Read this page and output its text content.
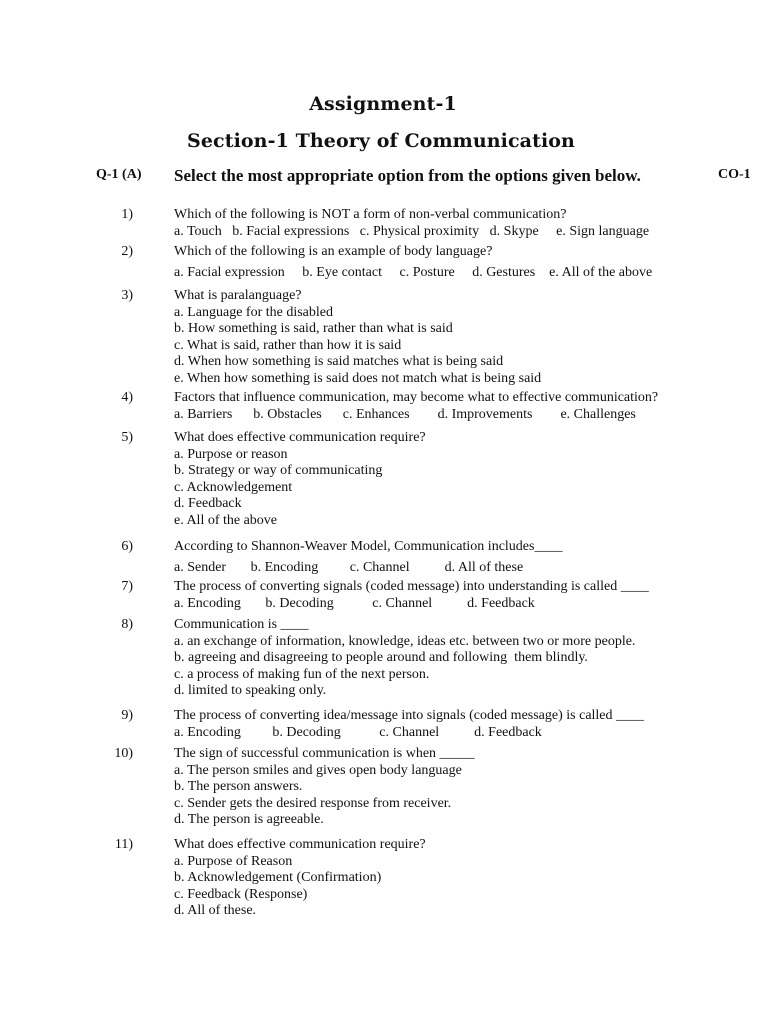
Assignment-1
Section-1 Theory of Communication
Q-1 (A) Select the most appropriate option from the options given below.	CO-1
1)	Which of the following is NOT a form of non-verbal communication?
a. Touch   b. Facial expressions   c. Physical proximity   d. Skype     e. Sign language
2)	Which of the following is an example of body language?
a. Facial expression     b. Eye contact     c. Posture     d. Gestures    e. All of the above
3)	What is paralanguage?
a. Language for the disabled
b. How something is said, rather than what is said
c. What is said, rather than how it is said
d. When how something is said matches what is being said
e. When how something is said does not match what is being said
4)	Factors that influence communication, may become what to effective communication?
a. Barriers      b. Obstacles      c. Enhances        d. Improvements        e. Challenges
5)	What does effective communication require?
a. Purpose or reason
b. Strategy or way of communicating
c. Acknowledgement
d. Feedback
e. All of the above
6)	According to Shannon-Weaver Model, Communication includes____
a. Sender       b. Encoding         c. Channel          d. All of these
7)	The process of converting signals (coded message) into understanding is called ____
a. Encoding       b. Decoding           c. Channel          d. Feedback
8)	Communication is ____
a. an exchange of information, knowledge, ideas etc. between two or more people.
b. agreeing and disagreeing to people around and following  them blindly.
c. a process of making fun of the next person.
d. limited to speaking only.
9)	The process of converting idea/message into signals (coded message) is called ____
a. Encoding         b. Decoding           c. Channel          d. Feedback
10)	The sign of successful communication is when _____
a. The person smiles and gives open body language
b. The person answers.
c. Sender gets the desired response from receiver.
d. The person is agreeable.
11)	What does effective communication require?
a. Purpose of Reason
b. Acknowledgement (Confirmation)
c. Feedback (Response)
d. All of these.
